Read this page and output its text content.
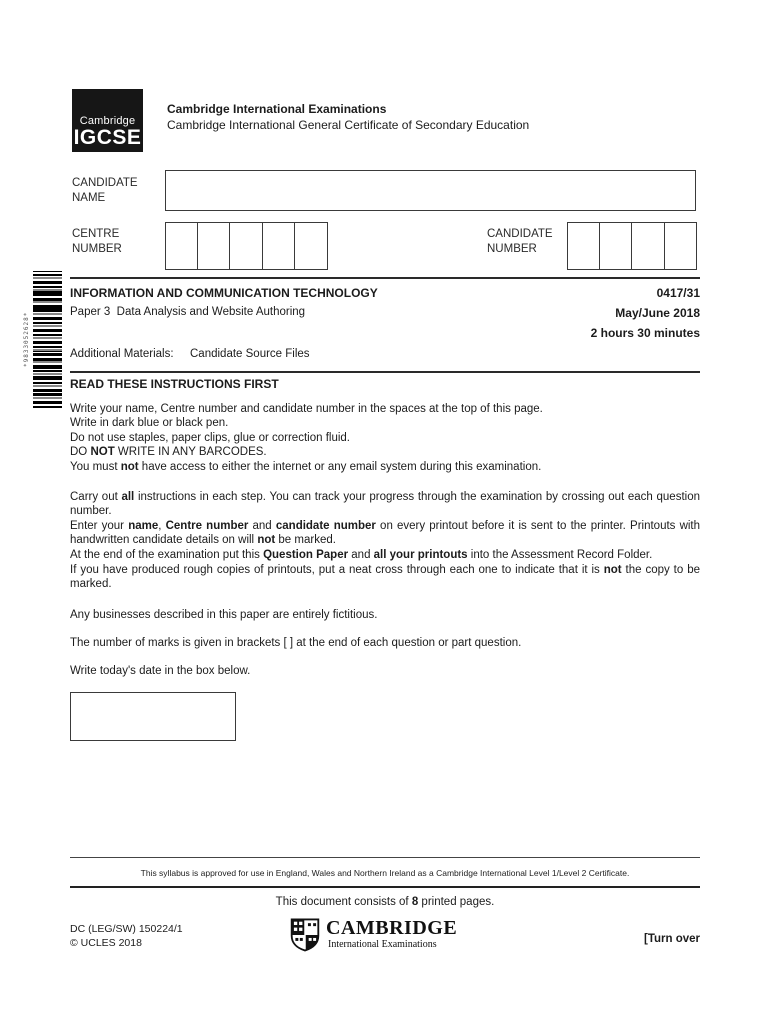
*9833052628*
Cambridge
IGCSE
Cambridge International Examinations
Cambridge International General Certificate of Secondary Education
CANDIDATE
NAME
CENTRE
NUMBER
CANDIDATE
NUMBER
INFORMATION AND COMMUNICATION TECHNOLOGY	0417/31
Paper 3  Data Analysis and Website Authoring	May/June 2018
2 hours 30 minutes
Additional Materials: Candidate Source Files
READ THESE INSTRUCTIONS FIRST
Write your name, Centre number and candidate number in the spaces at the top of this page.
Write in dark blue or black pen.
Do not use staples, paper clips, glue or correction fluid.
DO NOT WRITE IN ANY BARCODES.
You must not have access to either the internet or any email system during this examination.
Carry out all instructions in each step. You can track your progress through the examination by crossing out each question number.
Enter your name, Centre number and candidate number on every printout before it is sent to the printer. Printouts with handwritten candidate details on will not be marked.
At the end of the examination put this Question Paper and all your printouts into the Assessment Record Folder.
If you have produced rough copies of printouts, put a neat cross through each one to indicate that it is not the copy to be marked.
Any businesses described in this paper are entirely fictitious.
The number of marks is given in brackets [ ] at the end of each question or part question.
Write today's date in the box below.
This syllabus is approved for use in England, Wales and Northern Ireland as a Cambridge International Level 1/Level 2 Certificate.
This document consists of 8 printed pages.
DC (LEG/SW) 150224/1
© UCLES 2018
CAMBRIDGE
International Examinations	[Turn over
